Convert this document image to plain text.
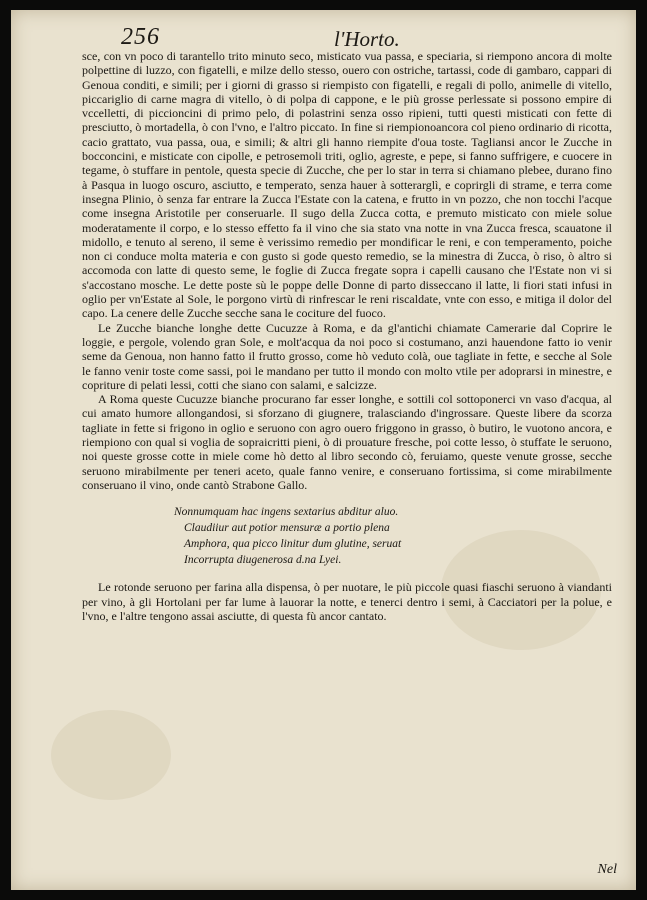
256	l'Horto.

sce, con vn poco di tarantello trito minuto seco, misticato vua passa, e speciaria, si riempono ancora di molte polpettine di luzzo, con figatelli, e milze dello stesso, ouero con ostriche, tartassi, code di gambaro, cappari di Genoua conditi, e simili; per i giorni di grasso si riempisto con figatelli, e regali di pollo, animelle di vitello, piccariglio di carne magra di vitello, ò di polpa di cappone, e le più grosse perlessate si possono empire di vccelletti, di piccioncini di primo pelo, di polastrini senza osso ripieni, tutti questi misticati con fette di presciutto, ò mortadella, ò con l'vno, e l'altro piccato. In fine si riempionoancora col pieno ordinario di ricotta, cacio grattato, vua passa, oua, e simili; & altri gli hanno riempite d'oua toste. Tagliansi ancor le Zucche in bocconcini, e misticate con cipolle, e petrosemoli triti, oglio, agreste, e pepe, si fanno suffrigere, e cuocere in tegame, ò stuffare in pentole, questa specie di Zucche, che per lo star in terra si chiamano plebee, durano fino à Pasqua in luogo oscuro, asciutto, e temperato, senza hauer à sotterarglì, e coprirgli di strame, e terra come insegna Plinio, ò senza far entrare la Zucca l'Estate con la catena, e frutto in vn pozzo, che non tocchi l'acque come insegna Aristotile per conseruarle. Il sugo della Zucca cotta, e premuto misticato con miele solue moderatamente il corpo, e lo stesso effetto fa il vino che sia stato vna notte in vna Zucca fresca, scauatone il midollo, e tenuto al sereno, il seme è verissimo remedio per mondificar le reni, e con temperamento, poiche non ci conduce molta materia e con gusto si gode questo remedio, se la minestra di Zucca, ò riso, ò altro si accomoda con latte di questo seme, le foglie di Zucca fregate sopra i capelli causano che l'Estate non vi si s'accostano mosche. Le dette poste sù le poppe delle Donne di parto disseccano il latte, li fiori stati infusi in oglio per vn'Estate al Sole, le porgono virtù di rinfrescar le reni riscaldate, vnte con esso, e mitiga il dolor del capo. La cenere delle Zucche secche sana le cociture del fuoco.

Le Zucche bianche longhe dette Cucuzze à Roma, e da gl'antichi chiamate Camerarie dal Coprire le loggie, e pergole, volendo gran Sole, e molt'acqua da noi poco si costumano, anzi hauendone fatto io venir seme da Genoua, non hanno fatto il frutto grosso, come hò veduto colà, oue tagliate in fette, e secche al Sole le fanno venir toste come sassi, poi le mandano per tutto il mondo con molto vtile per adoprarsi in minestre, e copriture di pelati lessi, cotti che siano con salami, e salcizze.

A Roma queste Cucuzze bianche procurano far esser longhe, e sottili col sottoponerci vn vaso d'acqua, al cui amato humore allongandosi, si sforzano di giugnere, tralasciando d'ingrossare. Queste libere da scorza tagliate in fette si frigono in oglio e seruono con agro ouero friggono in grasso, ò butiro, le vuotono ancora, e riempiono con qual si voglia de sopraicritti pieni, ò di prouature fresche, poi cotte lesso, ò stuffate le seruono, noi queste grosse cotte in miele come hò detto al libro secondo cò, feruiamo, queste venute grosse, secche seruono mirabilmente per teneri aceto, quale fanno venire, e conseruano fortissima, si come mirabilmente conseruano il vino, onde cantò Strabone Gallo.

Nonnumquam hac ingens sextarius abditur aluo.
Claudiiur aut potior mensuræ a portio plena
Amphora, qua picco linitur dum glutine, seruat
Incorrupta diugenerosa d.na Lyei.

Le rotonde seruono per farina alla dispensa, ò per nuotare, le più piccole quasi fiaschi seruono à viandanti per vino, à gli Hortolani per far lume à lauorar la notte, e tenerci dentro i semi, à Cacciatori per la polue, e l'vno, e l'altre tengono assai asciutte, di questa fù ancor cantato.

Nel
